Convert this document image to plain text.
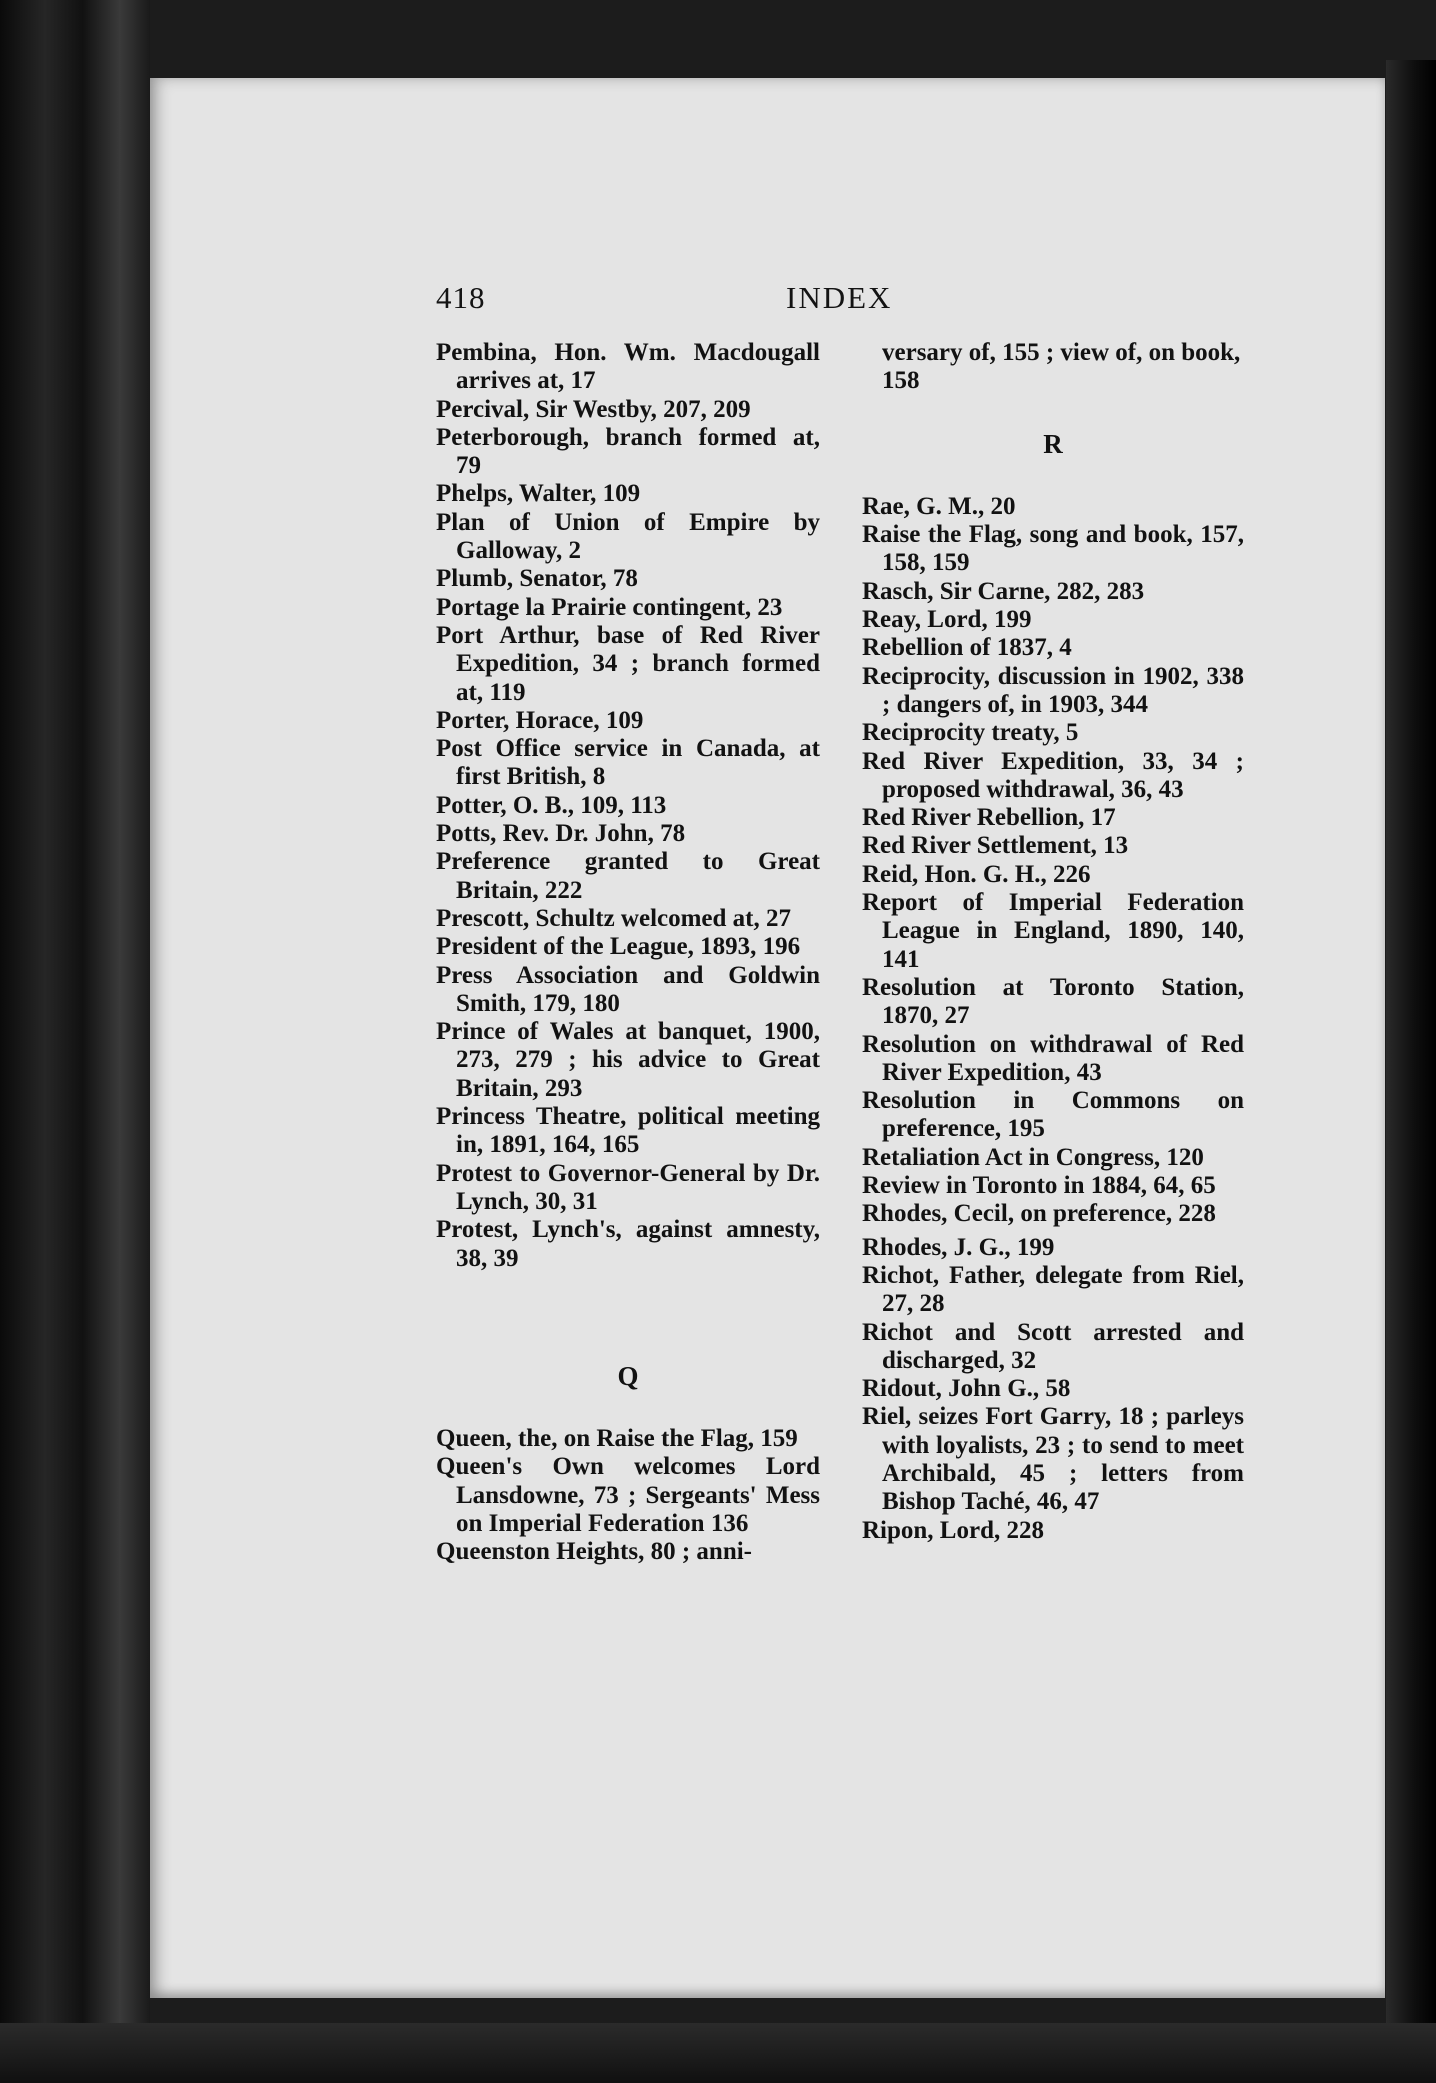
418	INDEX
Pembina, Hon. Wm. Macdougall arrives at, 17
Percival, Sir Westby, 207, 209
Peterborough, branch formed at, 79
Phelps, Walter, 109
Plan of Union of Empire by Galloway, 2
Plumb, Senator, 78
Portage la Prairie contingent, 23
Port Arthur, base of Red River Expedition, 34 ; branch formed at, 119
Porter, Horace, 109
Post Office service in Canada, at first British, 8
Potter, O. B., 109, 113
Potts, Rev. Dr. John, 78
Preference granted to Great Britain, 222
Prescott, Schultz welcomed at, 27
President of the League, 1893, 196
Press Association and Goldwin Smith, 179, 180
Prince of Wales at banquet, 1900, 273, 279 ; his advice to Great Britain, 293
Princess Theatre, political meeting in, 1891, 164, 165
Protest to Governor-General by Dr. Lynch, 30, 31
Protest, Lynch's, against amnesty, 38, 39
Q
Queen, the, on Raise the Flag, 159
Queen's Own welcomes Lord Lansdowne, 73 ; Sergeants' Mess on Imperial Federation 136
Queenston Heights, 80 ; anni-
versary of, 155 ; view of, on book, 158
R
Rae, G. M., 20
Raise the Flag, song and book, 157, 158, 159
Rasch, Sir Carne, 282, 283
Reay, Lord, 199
Rebellion of 1837, 4
Reciprocity, discussion in 1902, 338 ; dangers of, in 1903, 344
Reciprocity treaty, 5
Red River Expedition, 33, 34 ; proposed withdrawal, 36, 43
Red River Rebellion, 17
Red River Settlement, 13
Reid, Hon. G. H., 226
Report of Imperial Federation League in England, 1890, 140, 141
Resolution at Toronto Station, 1870, 27
Resolution on withdrawal of Red River Expedition, 43
Resolution in Commons on preference, 195
Retaliation Act in Congress, 120
Review in Toronto in 1884, 64, 65
Rhodes, Cecil, on preference, 228
Rhodes, J. G., 199
Richot, Father, delegate from Riel, 27, 28
Richot and Scott arrested and discharged, 32
Ridout, John G., 58
Riel, seizes Fort Garry, 18 ; parleys with loyalists, 23 ; to send to meet Archibald, 45 ; letters from Bishop Taché, 46, 47
Ripon, Lord, 228
